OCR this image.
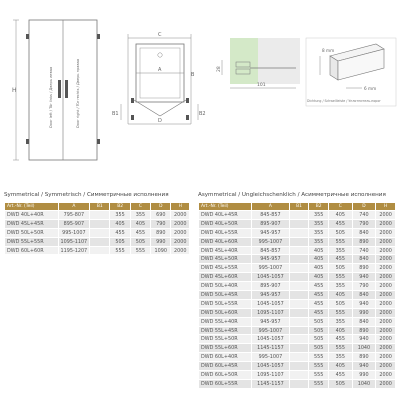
H	Door left / Tür links / Дверь левая	Door right / Tür rechts / Дверь правая
C
A
B1	B2
D
B
28
101
8 mm
6 mm
Dichtung / Schwellleiste / Уплотнитель-порог
Symmetrical / Symmetrisch / Симметричные исполнения
Art.-Nr. (Teil)	A	B1	B2	C	D	H
DWD 40L+40R	795-807		355	355	690	2000
DWD 45L+45R	895-907		405	405	790	2000
DWD 50L+50R	995-1007		455	455	890	2000
DWD 55L+55R	1095-1107		505	505	990	2000
DWD 60L+60R	1195-1207		555	555	1090	2000
Asymmetrical / Ungleichschenklich / Асимметричные исполнения
Art.-Nr. (Teil)	A	B1	B2	C	D	H
DWD 40L+45R	845-857		355	405	740	2000
DWD 40L+50R	895-907		355	455	790	2000
DWD 40L+55R	945-957		355	505	840	2000
DWD 40L+60R	995-1007		355	555	890	2000
DWD 45L+40R	845-857		405	355	740	2000
DWD 45L+50R	945-957		405	455	840	2000
DWD 45L+55R	995-1007		405	505	890	2000
DWD 45L+60R	1045-1057		405	555	940	2000
DWD 50L+40R	895-907		455	355	790	2000
DWD 50L+45R	945-957		455	405	840	2000
DWD 50L+55R	1045-1057		455	505	940	2000
DWD 50L+60R	1095-1107		455	555	990	2000
DWD 55L+40R	945-957		505	355	840	2000
DWD 55L+45R	995-1007		505	405	890	2000
DWD 55L+50R	1045-1057		505	455	940	2000
DWD 55L+60R	1145-1157		505	555	1040	2000
DWD 60L+40R	995-1007		555	355	890	2000
DWD 60L+45R	1045-1057		555	405	940	2000
DWD 60L+50R	1095-1107		555	455	990	2000
DWD 60L+55R	1145-1157		555	505	1040	2000
